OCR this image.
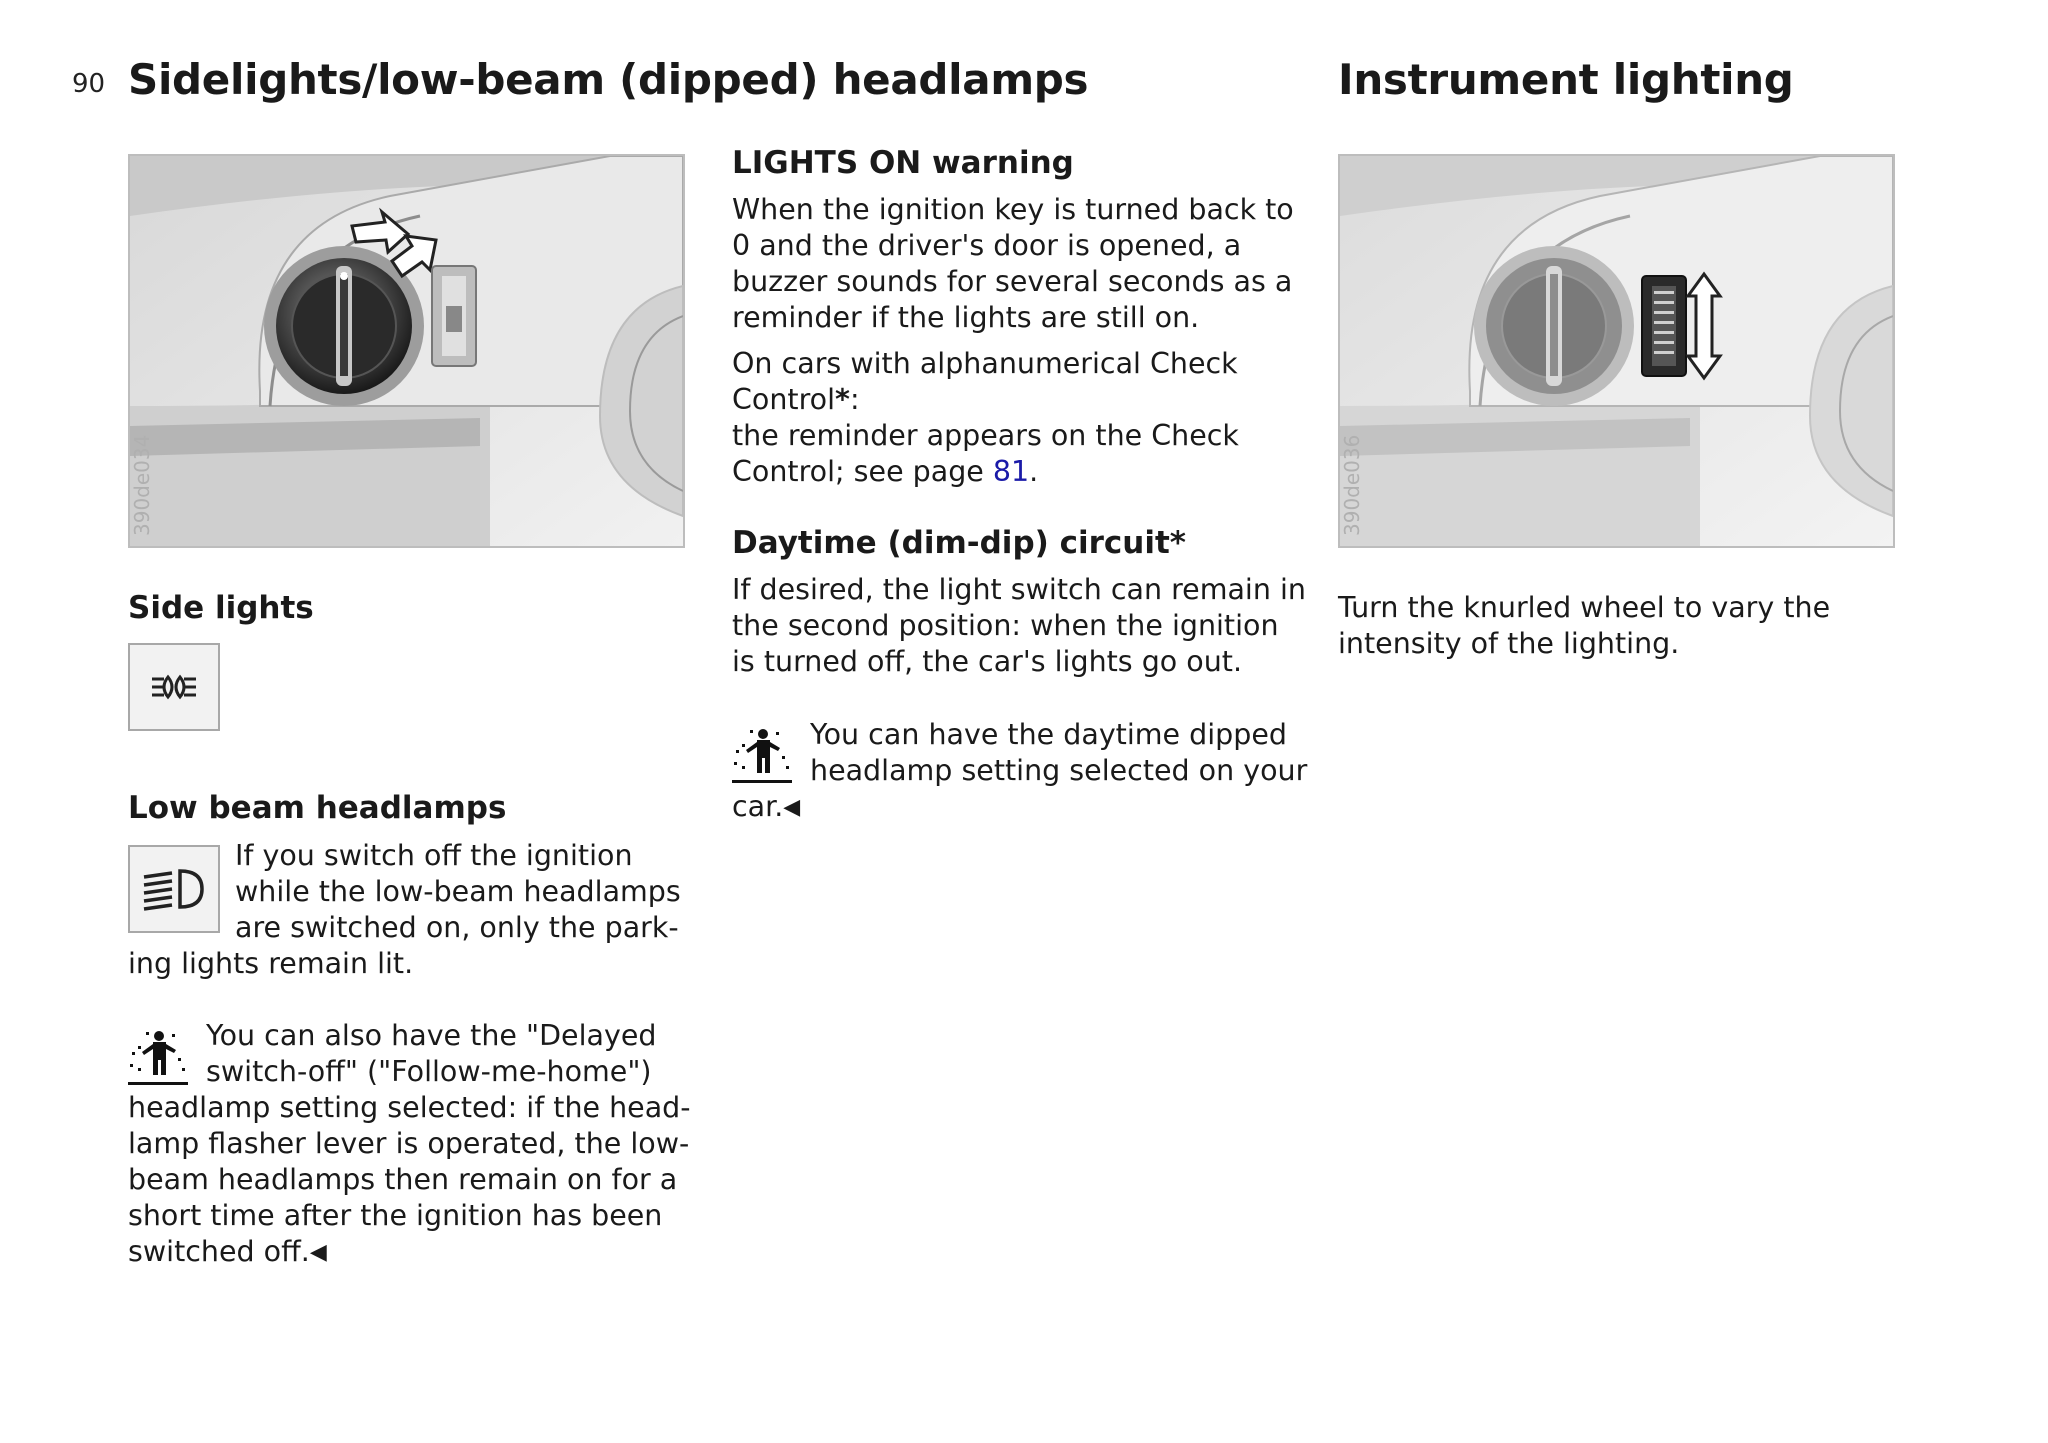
90 Sidelights/low-beam (dipped) headlamps	Instrument lighting
390de034
Side lights
Low beam headlamps

If you switch off the ignition

while the low-beam headlamps

are switched on, only the park-

ing lights remain lit.

You can also have the "Delayed

switch-off" ("Follow-me-home")

headlamp setting selected: if the head-

lamp flasher lever is operated, the low-

beam headlamps then remain on for a

short time after the ignition has been

switched off.◀

LIGHTS ON warning

When the ignition key is turned back to

0 and the driver's door is opened, a

buzzer sounds for several seconds as a

reminder if the lights are still on.

On cars with alphanumerical Check

Control*:

the reminder appears on the Check

Control; see page 81.

Daytime (dim-dip) circuit*

If desired, the light switch can remain in

the second position: when the ignition

is turned off, the car's lights go out.

You can have the daytime dipped

headlamp setting selected on your

car.◀

390de036

Turn the knurled wheel to vary the

intensity of the lighting.
